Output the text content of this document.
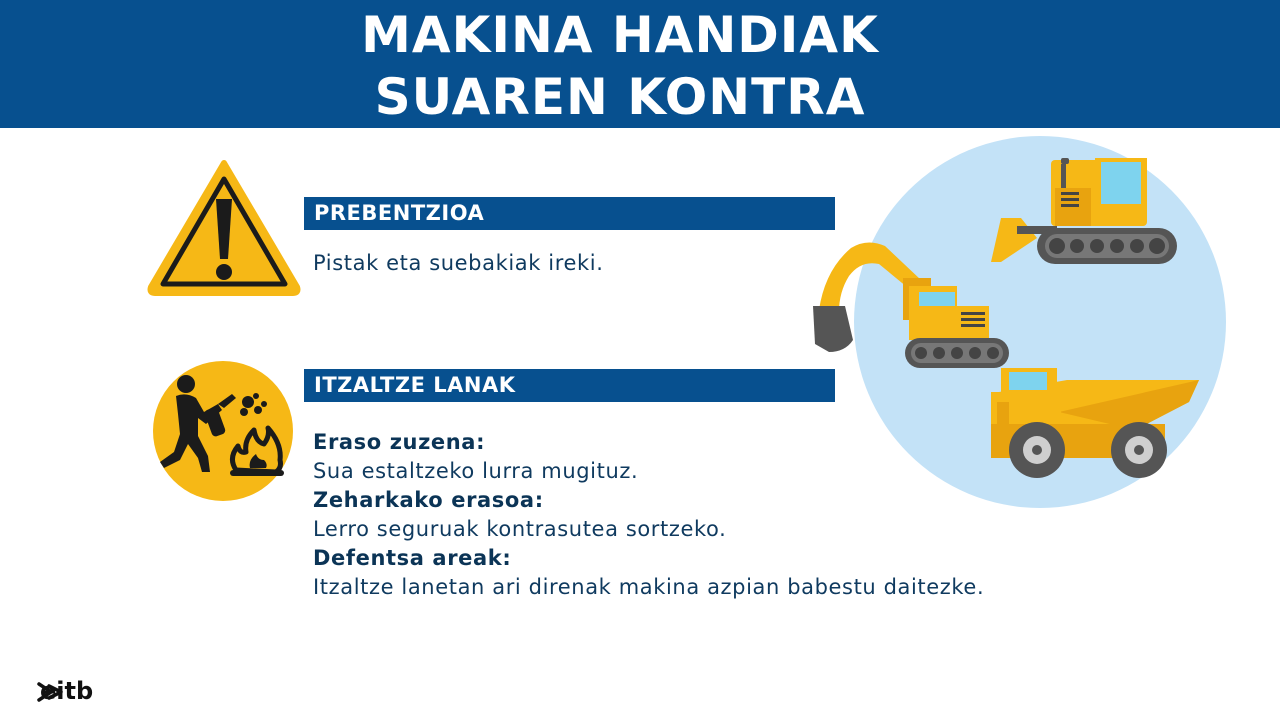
MAKINA HANDIAK
SUAREN KONTRA
PREBENTZIOA
Pistak eta suebakiak ireki.
ITZALTZE LANAK
Eraso zuzena:
Sua estaltzeko lurra mugituz.
Zeharkako erasoa:
Lerro seguruak kontrasutea sortzeko.
Defentsa areak:
Itzaltze lanetan ari direnak makina azpian babestu daitezke.
eitb
